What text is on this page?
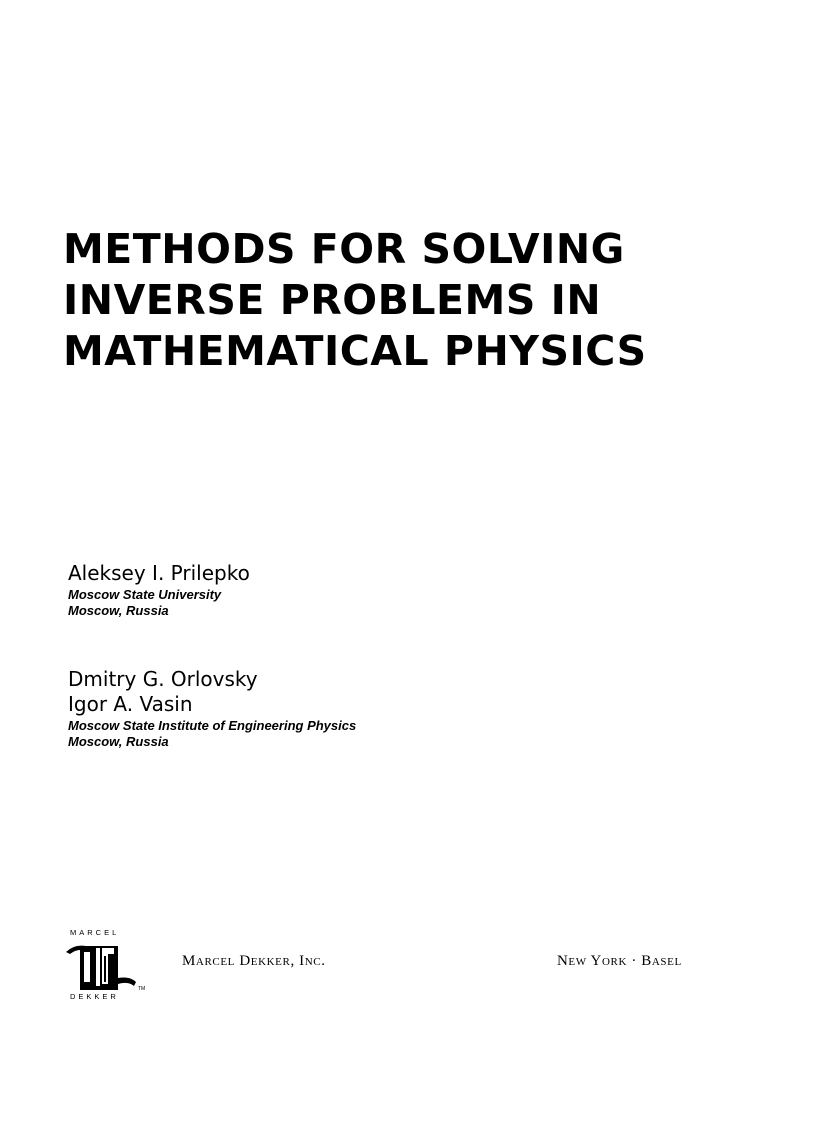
METHODS FOR SOLVING
INVERSE PROBLEMS IN
MATHEMATICAL PHYSICS
Aleksey I. Prilepko
Moscow State University
Moscow, Russia
Dmitry G. Orlovsky
Igor A. Vasin
Moscow State Institute of Engineering Physics
Moscow, Russia
MARCEL
TM
DEKKER
Marcel Dekker, Inc.	New York · Basel
